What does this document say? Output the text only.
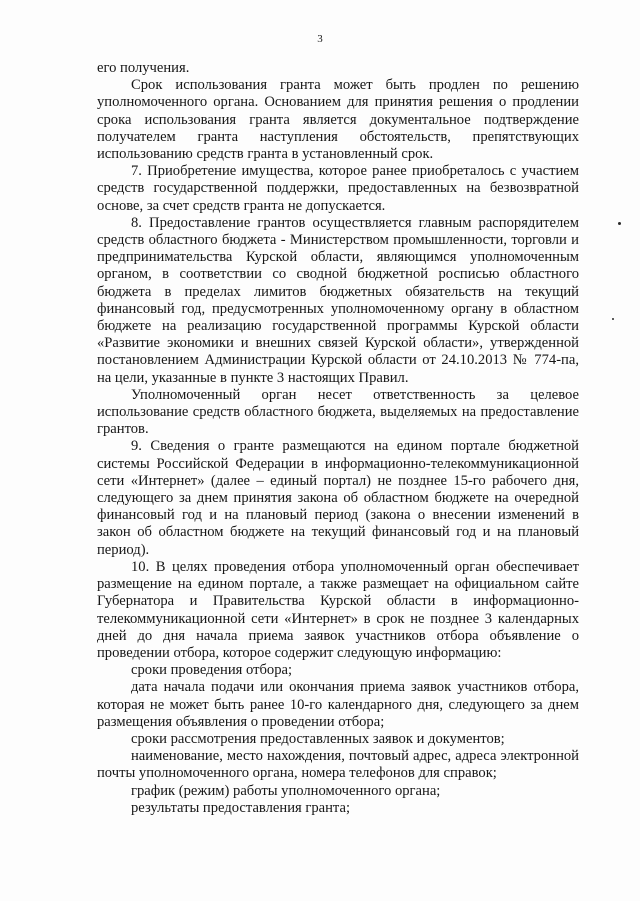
3

его получения.

Срок использования гранта может быть продлен по решению уполномоченного органа. Основанием для принятия решения о продлении срока использования гранта является документальное подтверждение получателем гранта наступления обстоятельств, препятствующих использованию средств гранта в установленный срок.

7. Приобретение имущества, которое ранее приобреталось с участием средств государственной поддержки, предоставленных на безвозвратной основе, за счет средств гранта не допускается.

8. Предоставление грантов осуществляется главным распорядителем средств областного бюджета - Министерством промышленности, торговли и предпринимательства Курской области, являющимся уполномоченным органом, в соответствии со сводной бюджетной росписью областного бюджета в пределах лимитов бюджетных обязательств на текущий финансовый год, предусмотренных уполномоченному органу в областном бюджете на реализацию государственной программы Курской области «Развитие экономики и внешних связей Курской области», утвержденной постановлением Администрации Курской области от 24.10.2013 № 774-па, на цели, указанные в пункте 3 настоящих Правил.

Уполномоченный орган несет ответственность за целевое использование средств областного бюджета, выделяемых на предоставление грантов.

9. Сведения о гранте размещаются на едином портале бюджетной системы Российской Федерации в информационно-телекоммуникационной сети «Интернет» (далее – единый портал) не позднее 15-го рабочего дня, следующего за днем принятия закона об областном бюджете на очередной финансовый год и на плановый период (закона о внесении изменений в закон об областном бюджете на текущий финансовый год и на плановый период).

10. В целях проведения отбора уполномоченный орган обеспечивает размещение на едином портале, а также размещает на официальном сайте Губернатора и Правительства Курской области в информационно-телекоммуникационной сети «Интернет» в срок не позднее 3 календарных дней до дня начала приема заявок участников отбора объявление о проведении отбора, которое содержит следующую информацию:

сроки проведения отбора;

дата начала подачи или окончания приема заявок участников отбора, которая не может быть ранее 10-го календарного дня, следующего за днем размещения объявления о проведении отбора;

сроки рассмотрения предоставленных заявок и документов;

наименование, место нахождения, почтовый адрес, адреса электронной почты уполномоченного органа, номера телефонов для справок;

график (режим) работы уполномоченного органа;

результаты предоставления гранта;
